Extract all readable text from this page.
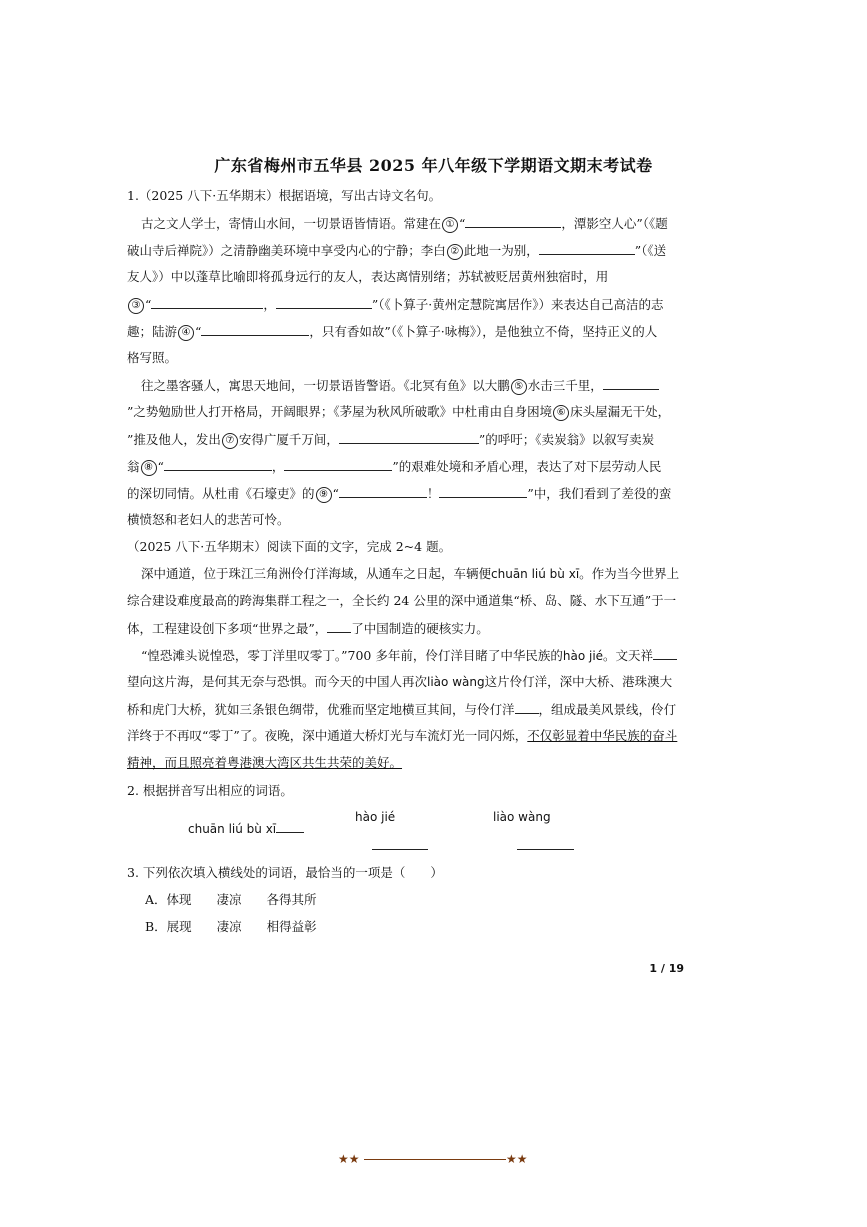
广东省梅州市五华县 2025 年八年级下学期语文期末考试卷
1.（2025 八下·五华期末）根据语境，写出古诗文名句。
古之文人学士，寄情山水间，一切景语皆情语。常建在 ① “	，潭影空人心”（《题
破山寺后禅院》）之清静幽美环境中享受内心的宁静；李白 ② 此地一为别，	”（《送
友人》）中以蓬草比喻即将孤身远行的友人，表达离情别绪；苏轼被贬居黄州独宿时，用
③ “	，	”（《卜算子·黄州定慧院寓居作》）来表达自己高洁的志
趣；陆游 ④ “	，只有香如故”（《卜算子·咏梅》），是他独立不倚，坚持正义的人
格写照。
往之墨客骚人，寓思天地间，一切景语皆警语。《北冥有鱼》以大鹏 ⑤ 水击三千里，
”之势勉励世人打开格局，开阔眼界；《茅屋为秋风所破歌》中杜甫由自身困境 ⑥ 床头屋漏无干处，
”推及他人，发出 ⑦ 安得广厦千万间，	”的呼吁；《卖炭翁》以叙写卖炭
翁 ⑧ “	，	”的艰难处境和矛盾心理，表达了对下层劳动人民
的深切同情。从杜甫《石壕吏》的 ⑨ “	！	”中，我们看到了差役的蛮
横愤怒和老妇人的悲苦可怜。
（2025 八下·五华期末）阅读下面的文字，完成 2~4 题。
深中通道，位于珠江三角洲伶仃洋海域，从通车之日起，车辆便chuān liú bù xī。作为当今世界上
综合建设难度最高的跨海集群工程之一，全长约 24 公里的深中通道集“桥、岛、隧、水下互通”于一
体，工程建设创下多项“世界之最”， 了中国制造的硬核实力。
“惶恐滩头说惶恐，零丁洋里叹零丁。”700 多年前，伶仃洋目睹了中华民族的hào jié。文天祥
望向这片海，是何其无奈与恐惧。而今天的中国人再次liào wàng这片伶仃洋，深中大桥、港珠澳大
桥和虎门大桥，犹如三条银色绸带，优雅而坚定地横亘其间，与伶仃洋 ，组成最美风景线，伶仃
洋终于不再叹“零丁”了。夜晚，深中通道大桥灯光与车流灯光一同闪烁，不仅彰显着中华民族的奋斗
精神，而且照亮着粤港澳大湾区共生共荣的美好。
2. 根据拼音写出相应的词语。
chuān liú bù xī
hào jié	liào wàng
3. 下列依次填入横线处的词语，最恰当的一项是（　　）
A．体现　　凄凉　　各得其所
B．展现　　凄凉　　相得益彰
1 / 19
★★	★★
